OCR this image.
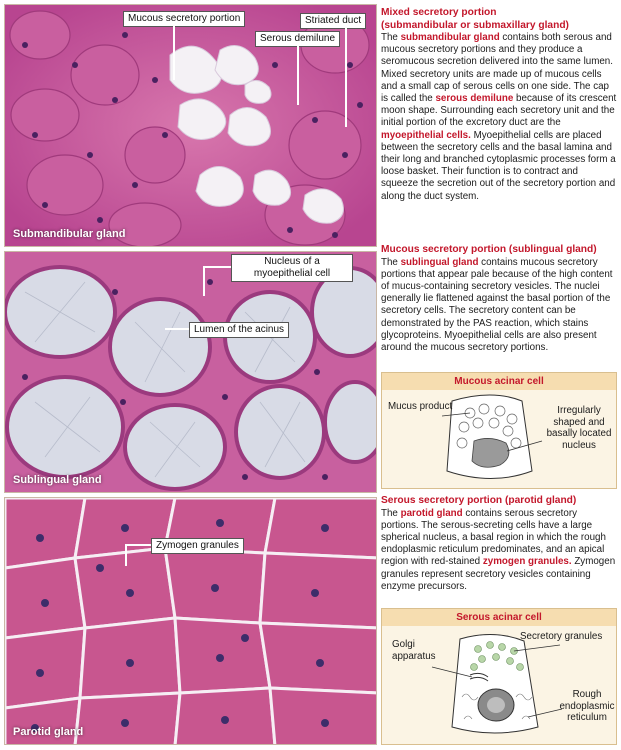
Mucous secretory portion
Serous demilune
Striated duct
Submandibular gland
Nucleus of a myoepithelial cell
Lumen of the acinus
Sublingual gland
Zymogen granules
Parotid gland
Mixed secretory portion
(submandibular or submaxillary gland)
The submandibular gland contains both serous and mucous secretory portions and they produce a seromucous secretion delivered into the same lumen. Mixed secretory units are made up of mucous cells and a small cap of serous cells on one side. The cap is called the serous demilune because of its crescent moon shape. Surrounding each secretory unit and the initial portion of the excretory duct are the myoepithelial cells. Myoepithelial cells are placed between the secretory cells and the basal lamina and their long and branched cytoplasmic processes form a loose basket. Their function is to contract and squeeze the secretion out of the secretory portion and along the duct system.
Mucous secretory portion (sublingual gland)
The sublingual gland contains mucous secretory portions that appear pale because of the high content of mucus-containing secretory vesicles. The nuclei generally lie flattened against the basal portion of the secretory cells. The secretory content can be demonstrated by the PAS reaction, which stains glycoproteins. Myoepithelial cells are also present around the mucous secretory portions.
Mucous acinar cell
Mucus product	Irregularly shaped and basally located nucleus
Serous secretory portion (parotid gland)
The parotid gland contains serous secretory portions. The serous-secreting cells have a large spherical nucleus, a basal region in which the rough endoplasmic reticulum predominates, and an apical region with red-stained zymogen granules. Zymogen granules represent secretory vesicles containing enzyme precursors.
Serous acinar cell
Golgi apparatus
Secretory granules
Rough endoplasmic reticulum
